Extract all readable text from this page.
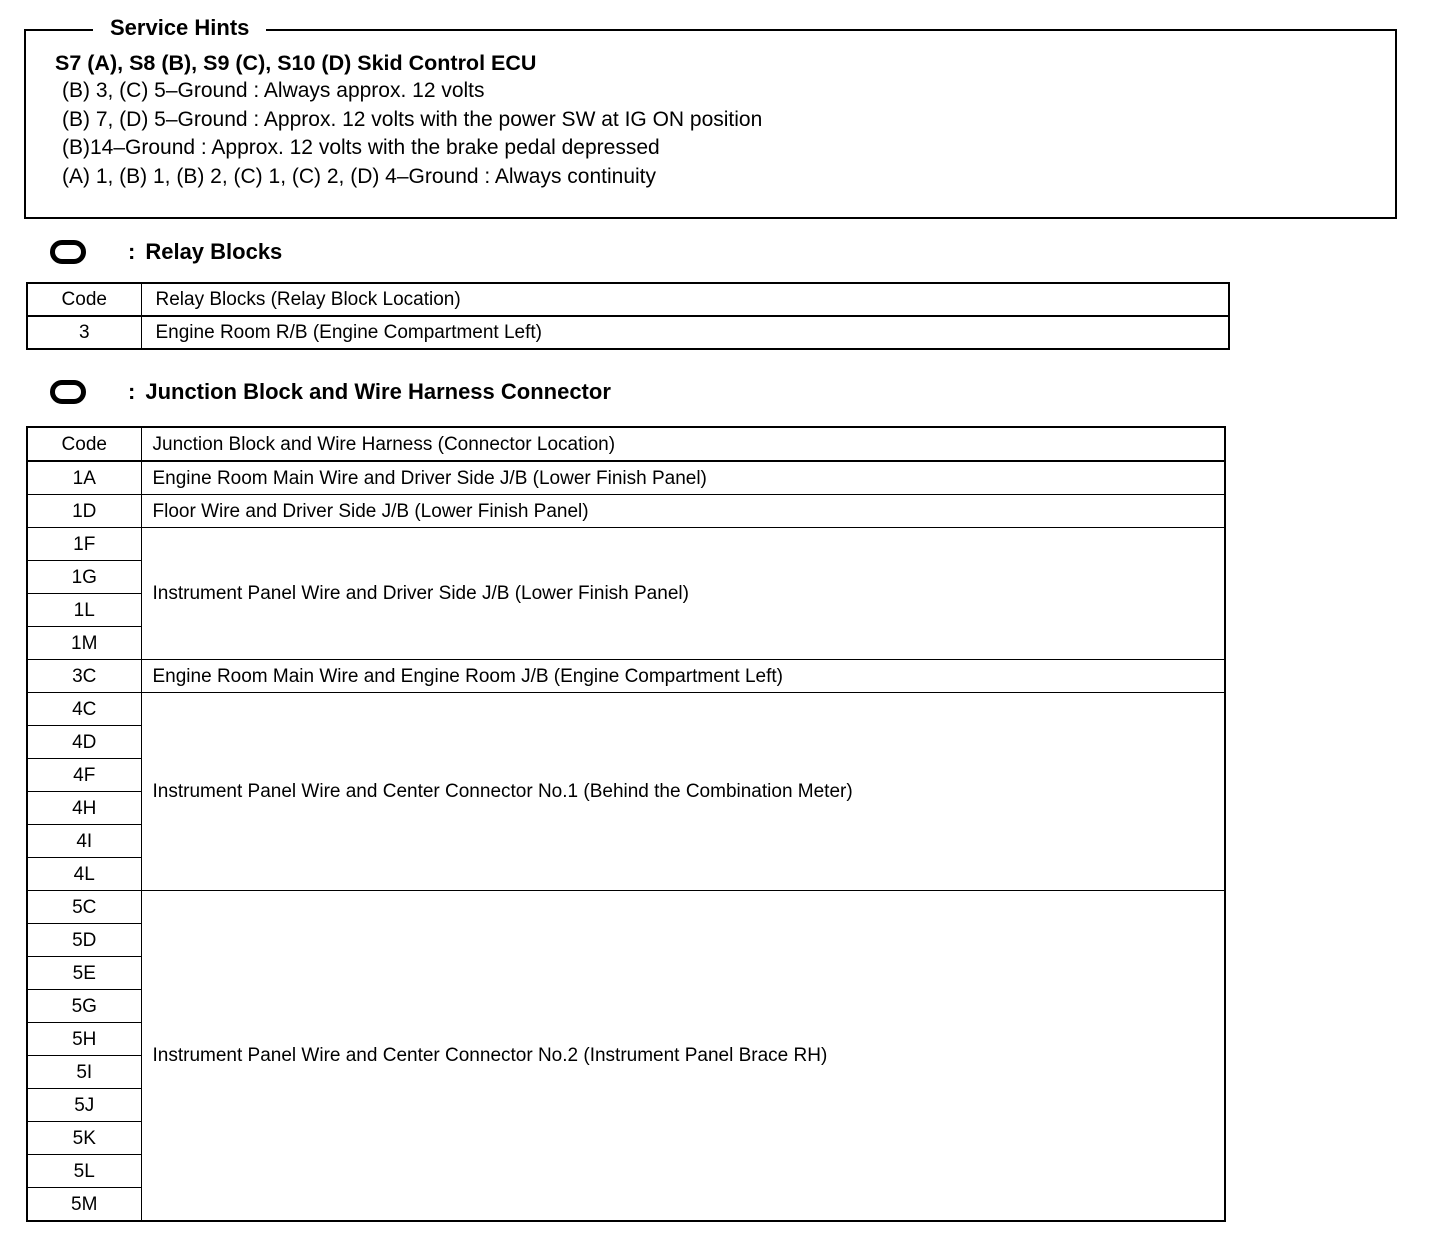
Service Hints
S7 (A), S8 (B), S9 (C), S10 (D) Skid Control ECU
(B) 3, (C) 5–Ground : Always approx. 12 volts
(B) 7, (D) 5–Ground : Approx. 12 volts with the power SW at IG ON position
(B)14–Ground : Approx. 12 volts with the brake pedal depressed
(A) 1, (B) 1, (B) 2, (C) 1, (C) 2, (D) 4–Ground : Always continuity
: Relay Blocks
Code	Relay Blocks (Relay Block Location)
3	Engine Room R/B (Engine Compartment Left)
: Junction Block and Wire Harness Connector
Code	Junction Block and Wire Harness (Connector Location)
1A	Engine Room Main Wire and Driver Side J/B (Lower Finish Panel)
1D	Floor Wire and Driver Side J/B (Lower Finish Panel)
1F	Instrument Panel Wire and Driver Side J/B (Lower Finish Panel)
1G	
1L	
1M	
3C	Engine Room Main Wire and Engine Room J/B (Engine Compartment Left)
4C	Instrument Panel Wire and Center Connector No.1 (Behind the Combination Meter)
4D	
4F	
4H	
4I	
4L	
5C	Instrument Panel Wire and Center Connector No.2 (Instrument Panel Brace RH)
5D	
5E	
5G	
5H	
5I	
5J	
5K	
5L	
5M	
